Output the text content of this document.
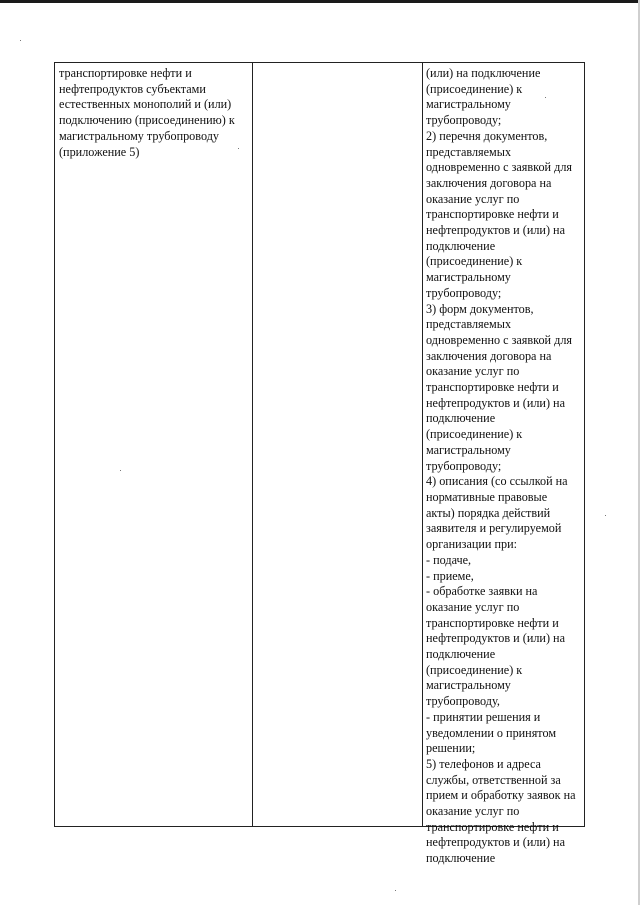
транспортировке нефти и
нефтепродуктов субъектами
естественных монополий и (или)
подключению (присоединению) к
магистральному трубопроводу
(приложение 5)
(или) на подключение
(присоединение) к
магистральному
трубопроводу;
2) перечня документов,
представляемых
одновременно с заявкой для
заключения договора на
оказание услуг по
транспортировке нефти и
нефтепродуктов и (или) на
подключение
(присоединение) к
магистральному
трубопроводу;
3) форм документов,
представляемых
одновременно с заявкой для
заключения договора на
оказание услуг по
транспортировке нефти и
нефтепродуктов и (или) на
подключение
(присоединение) к
магистральному
трубопроводу;
4) описания (со ссылкой на
нормативные правовые
акты) порядка действий
заявителя и регулируемой
организации при:
- подаче,
- приеме,
- обработке заявки на
оказание услуг по
транспортировке нефти и
нефтепродуктов и (или) на
подключение
(присоединение) к
магистральному
трубопроводу,
- принятии решения и
уведомлении о принятом
решении;
5) телефонов и адреса
службы, ответственной за
прием и обработку заявок на
оказание услуг по
транспортировке нефти и
нефтепродуктов и (или) на
подключение
